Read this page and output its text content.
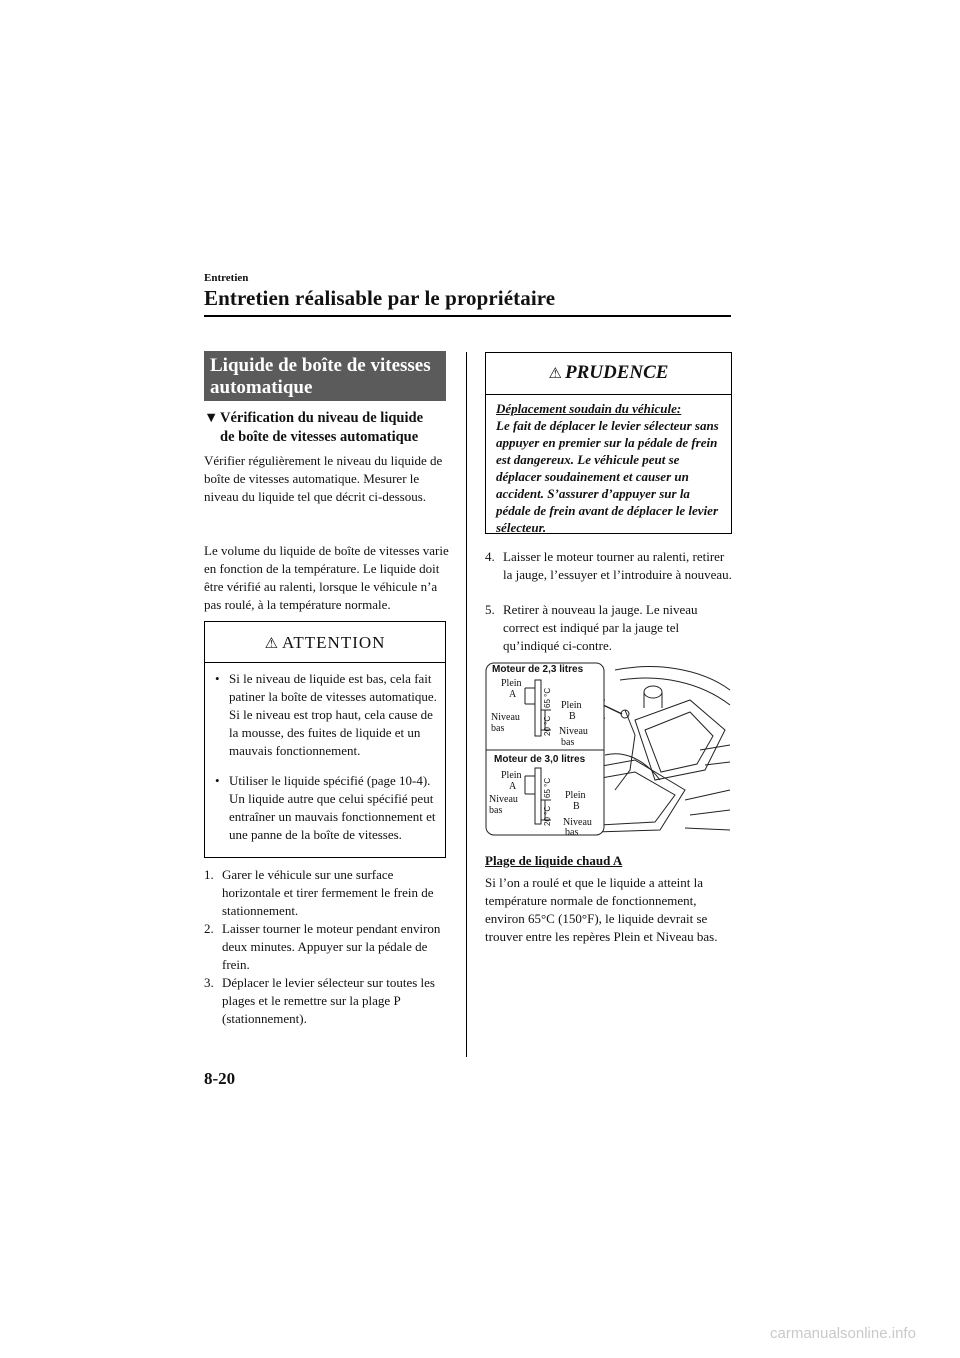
Entretien
Entretien réalisable par le propriétaire
Liquide de boîte de vitesses automatique
▼ Vérification du niveau de liquide
de boîte de vitesses automatique
Vérifier régulièrement le niveau du liquide de boîte de vitesses automatique. Mesurer le niveau du liquide tel que décrit ci-dessous.
Le volume du liquide de boîte de vitesses varie en fonction de la température. Le liquide doit être vérifié au ralenti, lorsque le véhicule n’a pas roulé, à la température normale.
⚠ ATTENTION
• Si le niveau de liquide est bas, cela fait patiner la boîte de vitesses automatique. Si le niveau est trop haut, cela cause de la mousse, des fuites de liquide et un mauvais fonctionnement.
• Utiliser le liquide spécifié (page 10-4). Un liquide autre que celui spécifié peut entraîner un mauvais fonctionnement et une panne de la boîte de vitesses.
1. Garer le véhicule sur une surface horizontale et tirer fermement le frein de stationnement.
2. Laisser tourner le moteur pendant environ deux minutes. Appuyer sur la pédale de frein.
3. Déplacer le levier sélecteur sur toutes les plages et le remettre sur la plage P (stationnement).
⚠ PRUDENCE
Déplacement soudain du véhicule:
Le fait de déplacer le levier sélecteur sans appuyer en premier sur la pédale de frein est dangereux. Le véhicule peut se déplacer soudainement et causer un accident. S’assurer d’appuyer sur la pédale de frein avant de déplacer le levier sélecteur.
4. Laisser le moteur tourner au ralenti, retirer la jauge, l’essuyer et l’introduire à nouveau.
5. Retirer à nouveau la jauge. Le niveau correct est indiqué par la jauge tel qu’indiqué ci-contre.
Moteur de 2,3 litres
Plein
A
Niveau
bas
Plein
B
Niveau
bas
65 °C
20 °C
Moteur de 3,0 litres
Plein
A
Niveau
bas
Plein
B
Niveau
bas
65 °C
20 °C
Plage de liquide chaud A
Si l’on a roulé et que le liquide a atteint la température normale de fonctionnement, environ 65°C (150°F), le liquide devrait se trouver entre les repères Plein et Niveau bas.
8-20
carmanualsonline.info
